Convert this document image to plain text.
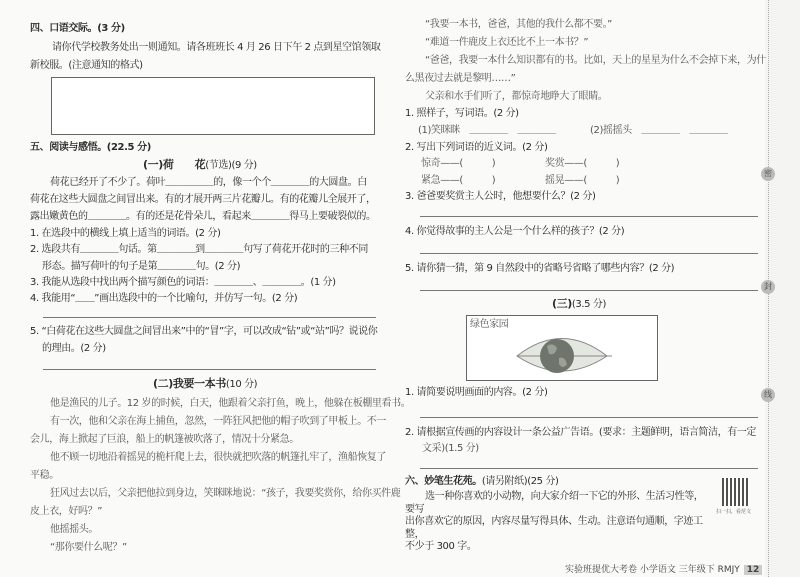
四、口语交际。(3 分)
请你代学校教务处出一则通知。请各班班长 4 月 26 日下午 2 点到星空馆领取
新校服。(注意通知的格式)
五、阅读与感悟。(22.5 分)
(一)荷　　花(节选)(9 分)
荷花已经开了不少了。荷叶＿＿＿＿＿的，像一个个＿＿＿＿的大圆盘。白
荷花在这些大圆盘之间冒出来。有的才展开两三片花瓣儿。有的花瓣儿全展开了，
露出嫩黄色的＿＿＿＿。有的还是花骨朵儿，看起来＿＿＿＿得马上要破裂似的。
1. 在选段中的横线上填上适当的词语。(2 分)
2. 选段共有＿＿＿＿句话。第＿＿＿＿到＿＿＿＿句写了荷花开花时的三种不同
形态。描写荷叶的句子是第＿＿＿＿句。(2 分)
3. 我能从选段中找出两个描写颜色的词语：＿＿＿＿、＿＿＿＿。(1 分)
4. 我能用“＿＿”画出选段中的一个比喻句，并仿写一句。(2 分)
5. “白荷花在这些大圆盘之间冒出来”中的“冒”字，可以改成“钻”或“站”吗？说说你
的理由。(2 分)
(二)我要一本书(10 分)
他是渔民的儿子。12 岁的时候，白天，他跟着父亲打鱼，晚上，他躲在板棚里看书。
有一次，他和父亲在海上捕鱼，忽然，一阵狂风把他的帽子吹到了甲板上。不一
会儿，海上掀起了巨浪，船上的帆篷被吹落了，情况十分紧急。
他不顾一切地沿着摇晃的桅杆爬上去，很快就把吹落的帆篷扎牢了，渔船恢复了
平稳。
狂风过去以后，父亲把他拉到身边，笑眯眯地说：“孩子，我要奖赏你，给你买件鹿
皮上衣，好吗？”
他摇摇头。
“那你要什么呢？”
“我要一本书，爸爸，其他的我什么都不要。”
“难道一件鹿皮上衣还比不上一本书？”
“爸爸，我要一本什么知识都有的书。比如，天上的星星为什么不会掉下来，为什
么黑夜过去就是黎明……”
父亲和水手们听了，都惊奇地睁大了眼睛。
1. 照样子，写词语。(2 分)
(1)笑眯眯　＿＿＿＿　＿＿＿＿	(2)摇摇头　＿＿＿＿　＿＿＿＿
2. 写出下列词语的近义词。(2 分)
惊奇——(　　　)	奖赏——(　　　)
紧急——(　　　)	摇晃——(　　　)
3. 爸爸要奖赏主人公时，他想要什么？(2 分)
4. 你觉得故事的主人公是一个什么样的孩子？(2 分)
5. 请你猜一猜，第 9 自然段中的省略号省略了哪些内容？(2 分)
(三)(3.5 分)
绿色家园
1. 请简要说明画面的内容。(2 分)
2. 请根据宣传画的内容设计一条公益广告语。(要求：主题鲜明，语言简洁，有一定
文采)(1.5 分)
六、妙笔生花苑。(请另附纸)(25 分)
选一种你喜欢的小动物，向大家介绍一下它的外形、生活习性等，要写
出你喜欢它的原因，内容尽量写得具体、生动。注意语句通顺，字迹工整，
不少于 300 字。
扫一扫，看范文
实验班提优大考卷 小学语文 三年级下 RMJY 12
密
封
线
